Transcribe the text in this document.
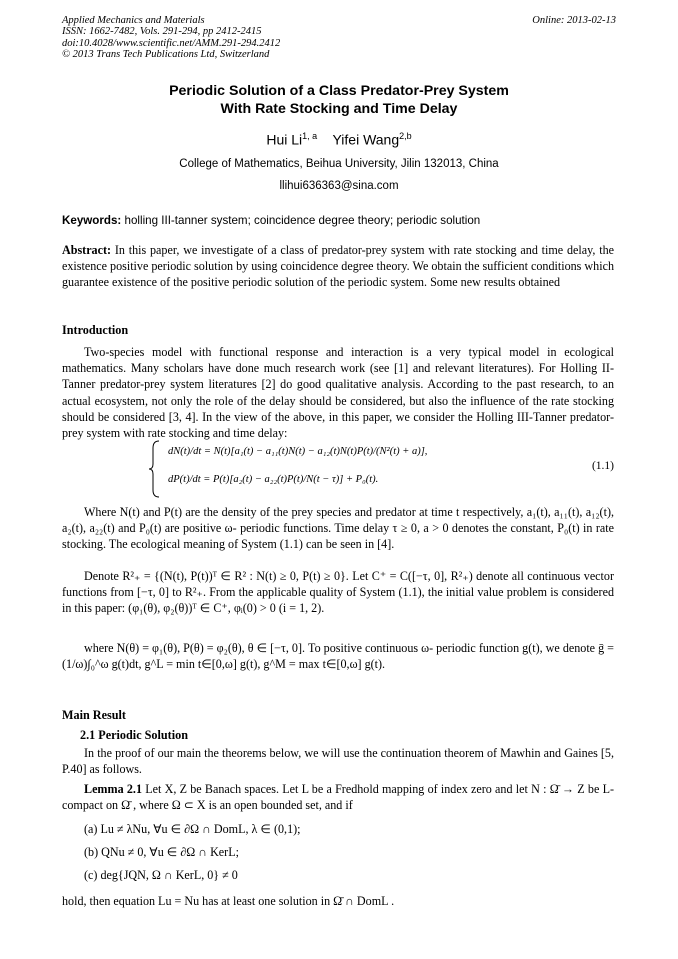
Applied Mechanics and Materials
ISSN: 1662-7482, Vols. 291-294, pp 2412-2415
doi:10.4028/www.scientific.net/AMM.291-294.2412
© 2013 Trans Tech Publications Ltd, Switzerland
Online: 2013-02-13
Periodic Solution of a Class Predator-Prey System
With Rate Stocking and Time Delay
Hui Li$^{1, a}$ Yifei Wang$^{2,b}$
College of Mathematics, Beihua University, Jilin 132013, China
llihui636363@sina.com
Keywords: holling III-tanner system; coincidence degree theory; periodic solution
Abstract: In this paper, we investigate of a class of predator-prey system with rate stocking and time delay, the existence positive periodic solution by using coincidence degree theory. We obtain the sufficient conditions which guarantee existence of the positive periodic solution of the periodic system. Some new results obtained
Introduction
Two-species model with functional response and interaction is a very typical model in ecological mathematics. Many scholars have done much research work (see [1] and relevant literatures). For Holling II-Tanner predator-prey system literatures [2] do good qualitative analysis. According to the past research, to an actual ecosystem, not only the role of the delay should be considered, but also the influence of the rate stocking should be considered [3, 4]. In the view of the above, in this paper, we consider the Holling III-Tanner predator-prey system with rate stocking and time delay:
dN(t)/dt = N(t)[a₁(t) − a₁₁(t)N(t) − a₁₂(t)N(t)P(t)/(N²(t) + a)],
dP(t)/dt = P(t)[a₂(t) − a₂₂(t)P(t)/N(t − τ)] + P₀(t).
(1.1)
Where N(t) and P(t) are the density of the prey species and predator at time t respectively, a₁(t), a₁₁(t), a₁₂(t), a₂(t), a₂₂(t) and P₀(t) are positive ω- periodic functions. Time delay τ ≥ 0, a > 0 denotes the constant, P₀(t) in rate stocking. The ecological meaning of System (1.1) can be seen in [4].
Denote R²₊ = {(N(t), P(t))ᵀ ∈ R² : N(t) ≥ 0, P(t) ≥ 0}. Let C⁺ = C([−τ, 0], R²₊) denote all continuous vector functions from [−τ, 0] to R²₊. From the applicable quality of System (1.1), the initial value problem is considered in this paper: (φ₁(θ), φ₂(θ))ᵀ ∈ C⁺, φᵢ(0) > 0 (i = 1, 2).
where N(θ) = φ₁(θ), P(θ) = φ₂(θ), θ ∈ [−τ, 0]. To positive continuous ω- periodic function g(t), we denote ḡ = (1/ω)∫₀^ω g(t)dt, g^L = min t∈[0,ω] g(t), g^M = max t∈[0,ω] g(t).
Main Result
2.1 Periodic Solution
In the proof of our main the theorems below, we will use the continuation theorem of Mawhin and Gaines [5, P.40] as follows.
Lemma 2.1 Let X, Z be Banach spaces. Let L be a Fredhold mapping of index zero and let N : Ω̄ → Z be L-compact on Ω̄ , where Ω ⊂ X is an open bounded set, and if
(a) Lu ≠ λNu, ∀u ∈ ∂Ω ∩ DomL, λ ∈ (0,1);
(b) QNu ≠ 0, ∀u ∈ ∂Ω ∩ KerL;
(c) deg{JQN, Ω ∩ KerL, 0} ≠ 0
hold, then equation Lu = Nu has at least one solution in Ω̄ ∩ DomL .
